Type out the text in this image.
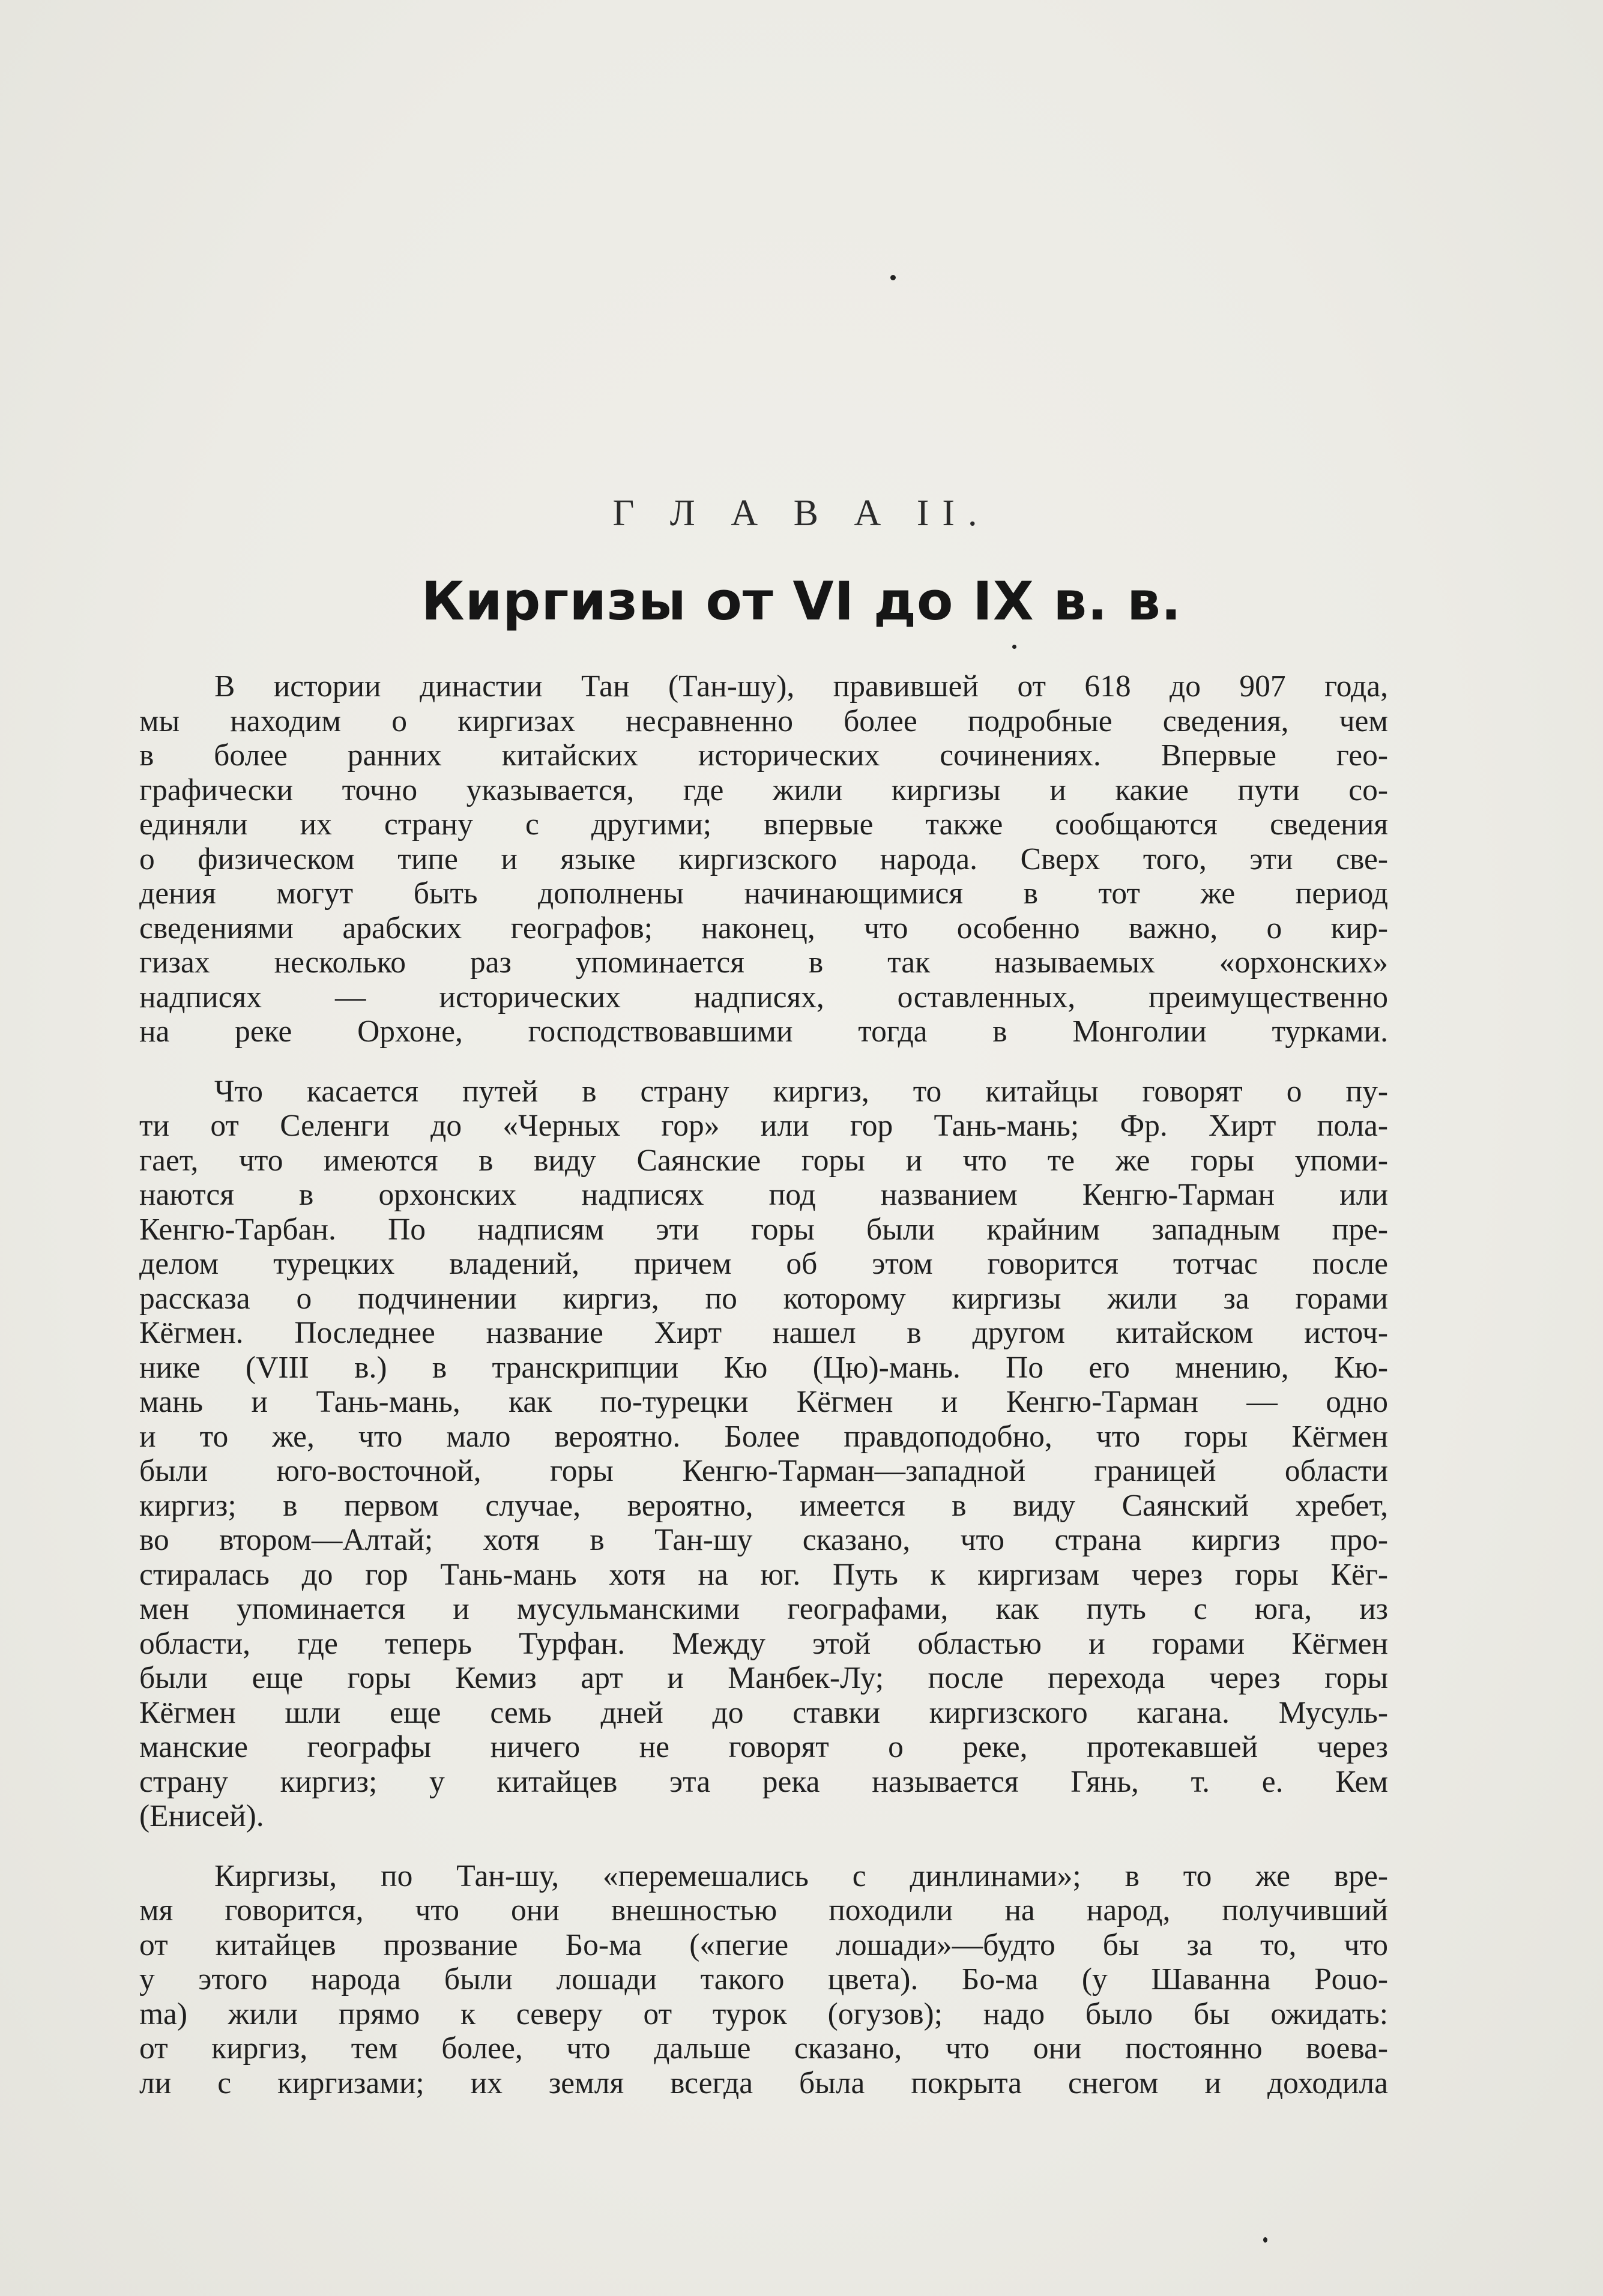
Г Л А В А II.
Киргизы от VI до IX в. в.

В истории династии Тан (Тан-шу), правившей от 618 до 907 года,
мы находим о киргизах несравненно более подробные сведения, чем
в более ранних китайских исторических сочинениях. Впервые гео-
графически точно указывается, где жили киргизы и какие пути со-
единяли их страну с другими; впервые также сообщаются сведения
о физическом типе и языке киргизского народа. Сверх того, эти све-
дения могут быть дополнены начинающимися в тот же период
сведениями арабских географов; наконец, что особенно важно, о кир-
гизах несколько раз упоминается в так называемых «орхонских»
надписях — исторических надписях, оставленных, преимущественно
на реке Орхоне, господствовавшими тогда в Монголии турками.

Что касается путей в страну киргиз, то китайцы говорят о пу-
ти от Селенги до «Черных гор» или гор Тань-мань; Фр. Хирт пола-
гает, что имеются в виду Саянские горы и что те же горы упоми-
наются в орхонских надписях под названием Кенгю-Тарман или
Кенгю-Тарбан. По надписям эти горы были крайним западным пре-
делом турецких владений, причем об этом говорится тотчас после
рассказа о подчинении киргиз, по которому киргизы жили за горами
Кёгмен. Последнее название Хирт нашел в другом китайском источ-
нике (VIII в.) в транскрипции Кю (Цю)-мань. По его мнению, Кю-
мань и Тань-мань, как по-турецки Кёгмен и Кенгю-Тарман — одно
и то же, что мало вероятно. Более правдоподобно, что горы Кёгмен
были юго-восточной, горы Кенгю-Тарман—западной границей области
киргиз; в первом случае, вероятно, имеется в виду Саянский хребет,
во втором—Алтай; хотя в Тан-шу сказано, что страна киргиз про-
стиралась до гор Тань-мань хотя на юг. Путь к киргизам через горы Кёг-
мен упоминается и мусульманскими географами, как путь с юга, из
области, где теперь Турфан. Между этой областью и горами Кёгмен
были еще горы Кемиз арт и Манбек-Лу; после перехода через горы
Кёгмен шли еще семь дней до ставки киргизского кагана. Мусуль-
манские географы ничего не говорят о реке, протекавшей через
страну киргиз; у китайцев эта река называется Гянь, т. е. Кем
(Енисей).

Киргизы, по Тан-шу, «перемешались с динлинами»; в то же вре-
мя говорится, что они внешностью походили на народ, получивший
от китайцев прозвание Бо-ма («пегие лошади»—будто бы за то, что
у этого народа были лошади такого цвета). Бо-ма (у Шаванна Pouo-
ma) жили прямо к северу от турок (огузов); надо было бы ожидать:
от киргиз, тем более, что дальше сказано, что они постоянно воева-
ли с киргизами; их земля всегда была покрыта снегом и доходила
